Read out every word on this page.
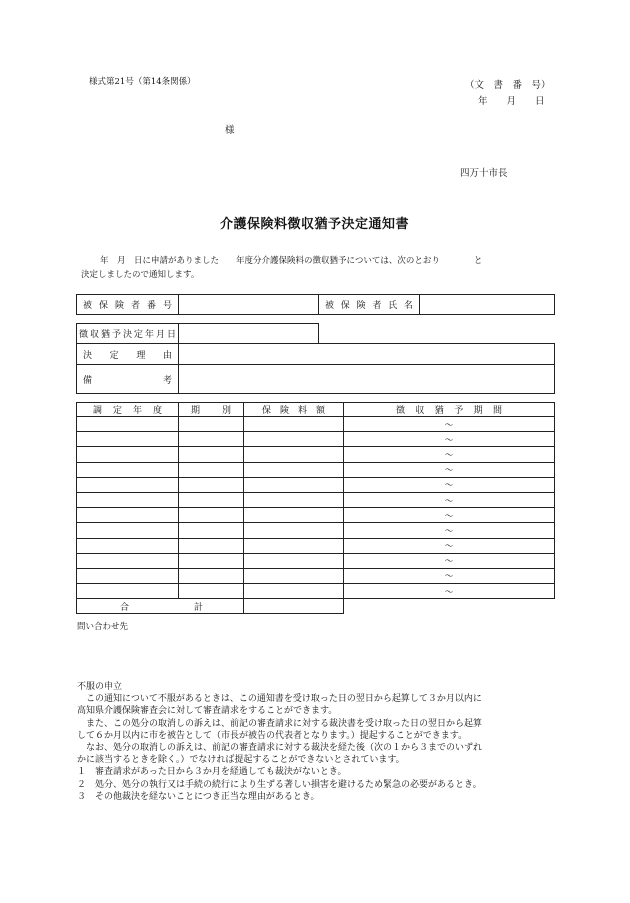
様式第21号（第14条関係）	（文　書　番　号）
年　　月　　日
様
四万十市長
介護保険料徴収猶予決定通知書
年　月　日に申請がありました　　年度分介護保険料の徴収猶予については、次のとおり　　　　と
決定しましたので通知します。
被保険者番号		被保険者氏名	
徴収猶予決定年月日	
決定理由	
備考	
調定年度	期別	保険料額	徴収猶予期間
			～
			～
			～
			～
			～
			～
			～
			～
			～
			～
			～
			～

合 計			

問い合わせ先

不服の申立

　この通知について不服があるときは、この通知書を受け取った日の翌日から起算して３か月以内に

高知県介護保険審査会に対して審査請求をすることができます。

　また、この処分の取消しの訴えは、前記の審査請求に対する裁決書を受け取った日の翌日から起算

して６か月以内に市を被告として（市長が被告の代表者となります。）提起することができます。

　なお、処分の取消しの訴えは、前記の審査請求に対する裁決を経た後（次の１から３までのいずれ

かに該当するときを除く。）でなければ提起することができないとされています。

１　審査請求があった日から３か月を経過しても裁決がないとき。

２　処分、処分の執行又は手続の続行により生ずる著しい損害を避けるため緊急の必要があるとき。

３　その他裁決を経ないことにつき正当な理由があるとき。
